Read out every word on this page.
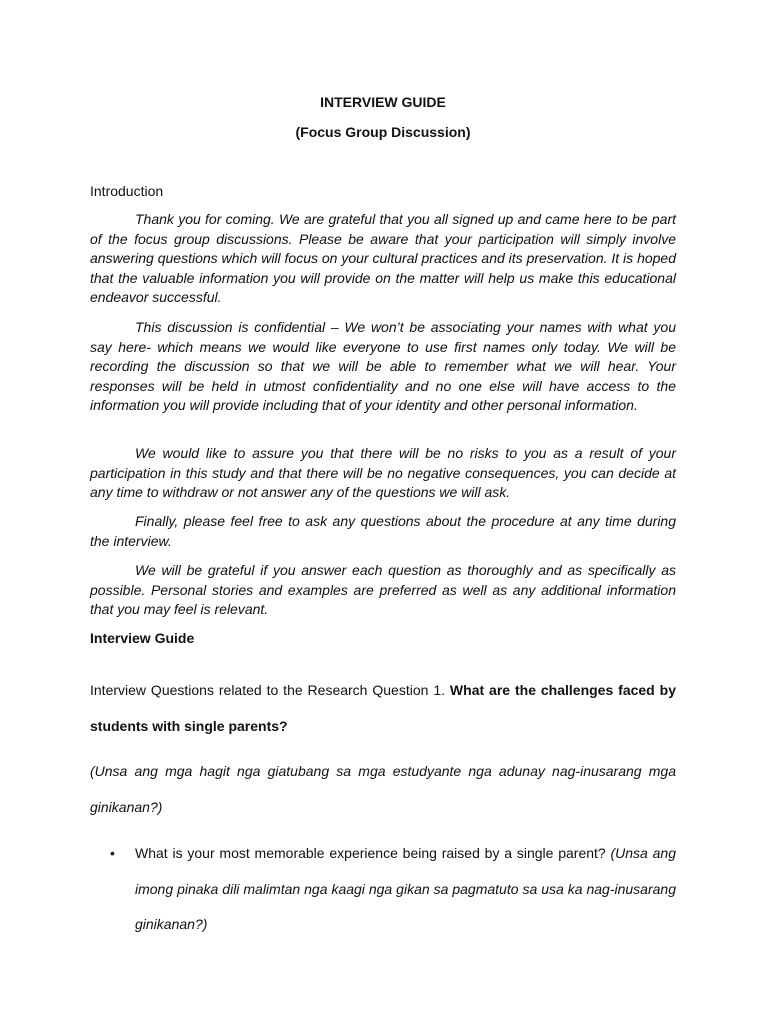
INTERVIEW GUIDE
(Focus Group Discussion)
Introduction

Thank you for coming. We are grateful that you all signed up and came here to be part of the focus group discussions. Please be aware that your participation will simply involve answering questions which will focus on your cultural practices and its preservation. It is hoped that the valuable information you will provide on the matter will help us make this educational endeavor successful.

This discussion is confidential – We won’t be associating your names with what you say here- which means we would like everyone to use first names only today. We will be recording the discussion so that we will be able to remember what we will hear. Your responses will be held in utmost confidentiality and no one else will have access to the information you will provide including that of your identity and other personal information.

We would like to assure you that there will be no risks to you as a result of your participation in this study and that there will be no negative consequences, you can decide at any time to withdraw or not answer any of the questions we will ask.

Finally, please feel free to ask any questions about the procedure at any time during the interview.

We will be grateful if you answer each question as thoroughly and as specifically as possible. Personal stories and examples are preferred as well as any additional information that you may feel is relevant.

Interview Guide

Interview Questions related to the Research Question 1. What are the challenges faced by students with single parents?

(Unsa ang mga hagit nga giatubang sa mga estudyante nga adunay nag-inusarang mga ginikanan?)

• What is your most memorable experience being raised by a single parent? (Unsa ang imong pinaka dili malimtan nga kaagi nga gikan sa pagmatuto sa usa ka nag-inusarang ginikanan?)
